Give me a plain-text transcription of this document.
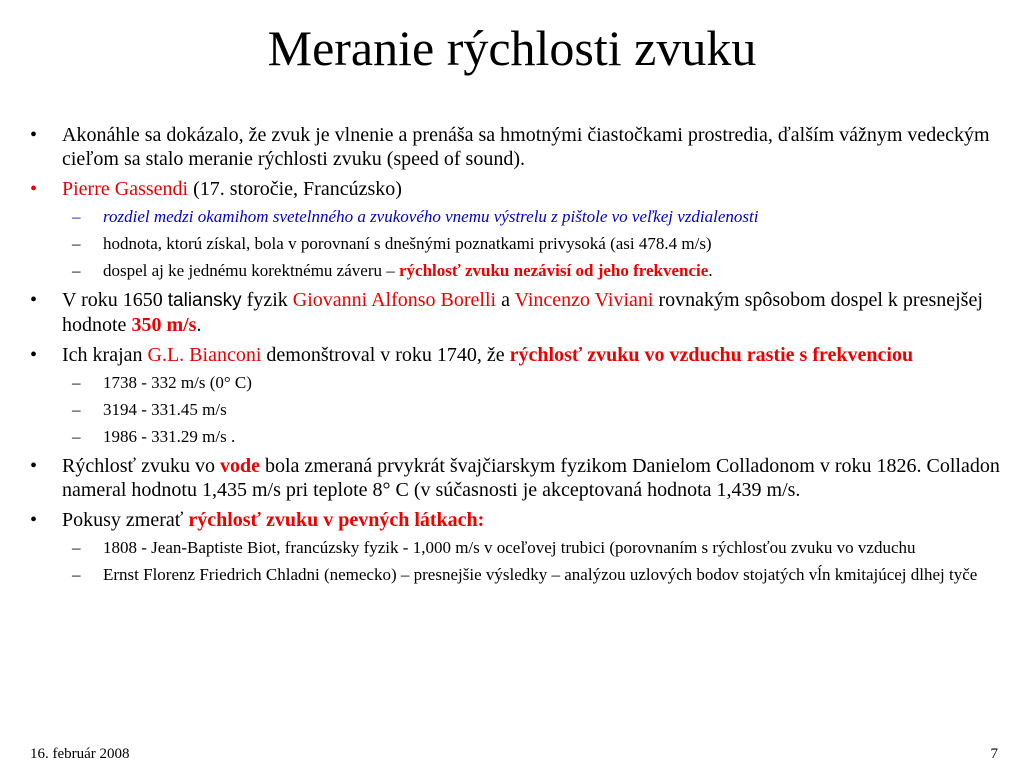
Meranie rýchlosti zvuku
• Akonáhle sa dokázalo, že zvuk je vlnenie a prenáša sa hmotnými čiastočkami prostredia, ďalším vážnym vedeckým cieľom sa stalo meranie rýchlosti zvuku (speed of sound).
• Pierre Gassendi (17. storočie, Francúzsko)
– rozdiel medzi okamihom svetelnného a zvukového vnemu výstrelu z pištole vo veľkej vzdialenosti
– hodnota, ktorú získal, bola v porovnaní s dnešnými poznatkami privysoká (asi 478.4 m/s)
– dospel aj ke jednému korektnému záveru – rýchlosť zvuku nezávisí od jeho frekvencie.
• V roku 1650 taliansky fyzik Giovanni Alfonso Borelli a Vincenzo Viviani rovnakým spôsobom dospel k presnejšej hodnote 350 m/s.
• Ich krajan G.L. Bianconi demonštroval v roku 1740, že rýchlosť zvuku vo vzduchu rastie s frekvenciou
– 1738 - 332 m/s (0° C)
– 3194 - 331.45 m/s
– 1986 - 331.29 m/s .
• Rýchlosť zvuku vo vode bola zmeraná prvykrát švajčiarskym fyzikom Danielom Colladonom v roku 1826. Colladon nameral hodnotu 1,435 m/s pri teplote 8° C (v súčasnosti je akceptovaná hodnota 1,439 m/s.
• Pokusy zmerať rýchlosť zvuku v pevných látkach:
– 1808 - Jean-Baptiste Biot, francúzsky fyzik - 1,000 m/s v oceľovej trubici (porovnaním s rýchlosťou zvuku vo vzduchu
– Ernst Florenz Friedrich Chladni (nemecko) – presnejšie výsledky – analýzou uzlových bodov stojatých vĺn kmitajúcej dlhej tyče
16. február 2008	7
